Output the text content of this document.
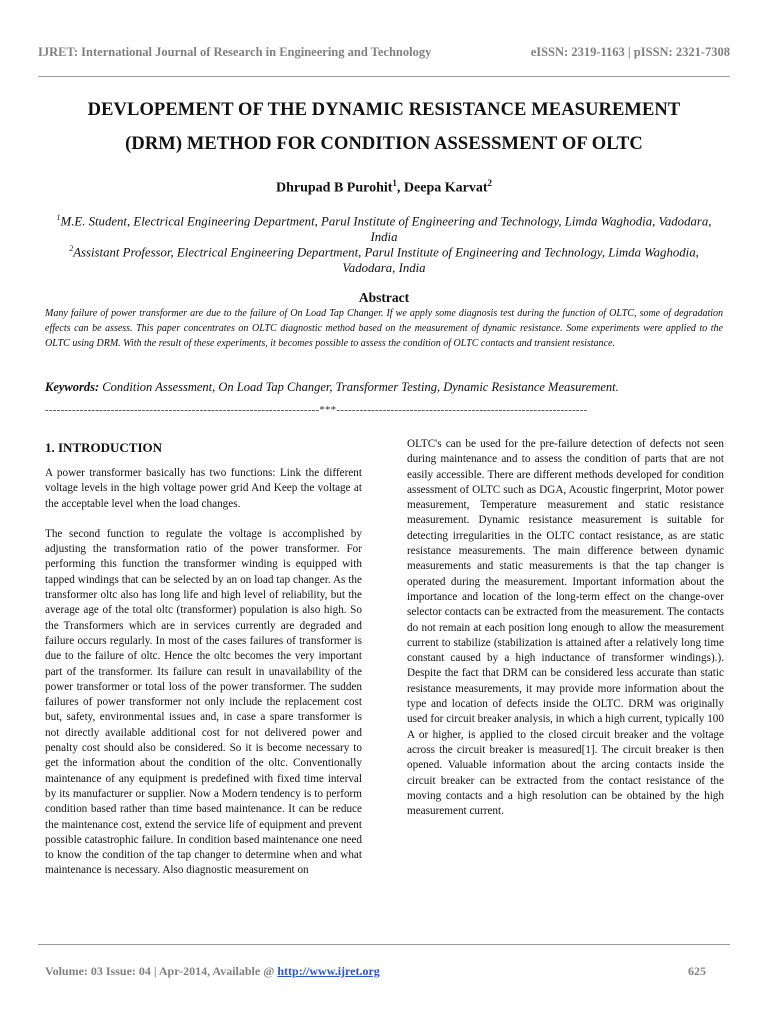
IJRET: International Journal of Research in Engineering and Technology	eISSN: 2319-1163 | pISSN: 2321-7308
DEVLOPEMENT OF THE DYNAMIC RESISTANCE MEASUREMENT
(DRM) METHOD FOR CONDITION ASSESSMENT OF OLTC
Dhrupad B Purohit$^1$, Deepa Karvat$^2$
$^1$M.E. Student, Electrical Engineering Department, Parul Institute of Engineering and Technology, Limda Waghodia, Vadodara, India
$^2$Assistant Professor, Electrical Engineering Department, Parul Institute of Engineering and Technology, Limda Waghodia, Vadodara, India
Abstract
Many failure of power transformer are due to the failure of On Load Tap Changer. If we apply some diagnosis test during the function of OLTC, some of degradation effects can be assess. This paper concentrates on OLTC diagnostic method based on the measurement of dynamic resistance. Some experiments were applied to the OLTC using DRM. With the result of these experiments, it becomes possible to assess the condition of OLTC contacts and transient resistance.
Keywords: Condition Assessment, On Load Tap Changer, Transformer Testing, Dynamic Resistance Measurement.
-----------------------------------------------------------------------***-----------------------------------------------------------------
1. INTRODUCTION

A power transformer basically has two functions: Link the different voltage levels in the high voltage power grid And Keep the voltage at the acceptable level when the load changes.

The second function to regulate the voltage is accomplished by adjusting the transformation ratio of the power transformer. For performing this function the transformer winding is equipped with tapped windings that can be selected by an on load tap changer. As the transformer oltc also has long life and high level of reliability, but the average age of the total oltc (transformer) population is also high. So the Transformers which are in services currently are degraded and failure occurs regularly. In most of the cases failures of transformer is due to the failure of oltc. Hence the oltc becomes the very important part of the transformer. Its failure can result in unavailability of the power transformer or total loss of the power transformer. The sudden failures of power transformer not only include the replacement cost but, safety, environmental issues and, in case a spare transformer is not directly available additional cost for not delivered power and penalty cost should also be considered. So it is become necessary to get the information about the condition of the oltc. Conventionally maintenance of any equipment is predefined with fixed time interval by its manufacturer or supplier. Now a Modern tendency is to perform condition based rather than time based maintenance. It can be reduce the maintenance cost, extend the service life of equipment and prevent possible catastrophic failure. In condition based maintenance one need to know the condition of the tap changer to determine when and what maintenance is necessary. Also diagnostic measurement on

OLTC's can be used for the pre-failure detection of defects not seen during maintenance and to assess the condition of parts that are not easily accessible. There are different methods developed for condition assessment of OLTC such as DGA, Acoustic fingerprint, Motor power measurement, Temperature measurement and static resistance measurement. Dynamic resistance measurement is suitable for detecting irregularities in the OLTC contact resistance, as are static resistance measurements. The main difference between dynamic measurements and static measurements is that the tap changer is operated during the measurement. Important information about the importance and location of the long-term effect on the change-over selector contacts can be extracted from the measurement. The contacts do not remain at each position long enough to allow the measurement current to stabilize (stabilization is attained after a relatively long time constant caused by a high inductance of transformer windings).). Despite the fact that DRM can be considered less accurate than static resistance measurements, it may provide more information about the type and location of defects inside the OLTC. DRM was originally used for circuit breaker analysis, in which a high current, typically 100 A or higher, is applied to the closed circuit breaker and the voltage across the circuit breaker is measured[1]. The circuit breaker is then opened. Valuable information about the arcing contacts inside the circuit breaker can be extracted from the contact resistance of the moving contacts and a high resolution can be obtained by the high measurement current.

Volume: 03 Issue: 04 | Apr-2014, Available @ http://www.ijret.org	625
